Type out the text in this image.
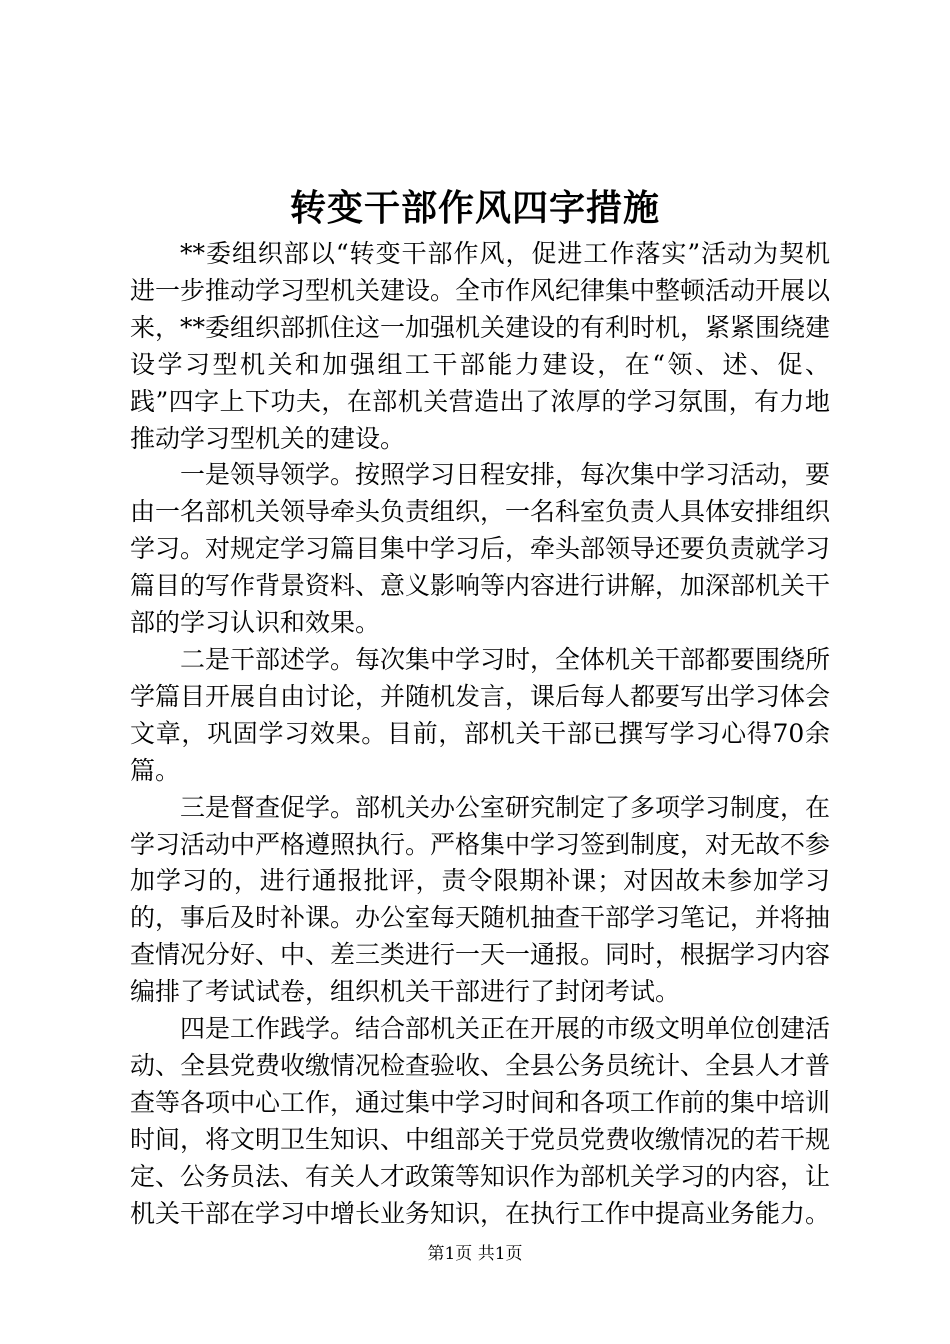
转变干部作风四字措施

**委组织部以“转变干部作风，促进工作落实”活动为契机进一步推动学习型机关建设。全市作风纪律集中整顿活动开展以来，**委组织部抓住这一加强机关建设的有利时机，紧紧围绕建设学习型机关和加强组工干部能力建设，在“领、述、促、践”四字上下功夫，在部机关营造出了浓厚的学习氛围，有力地推动学习型机关的建设。

一是领导领学。按照学习日程安排，每次集中学习活动，要由一名部机关领导牵头负责组织，一名科室负责人具体安排组织学习。对规定学习篇目集中学习后，牵头部领导还要负责就学习篇目的写作背景资料、意义影响等内容进行讲解，加深部机关干部的学习认识和效果。

二是干部述学。每次集中学习时，全体机关干部都要围绕所学篇目开展自由讨论，并随机发言，课后每人都要写出学习体会文章，巩固学习效果。目前，部机关干部已撰写学习心得70余篇。

三是督查促学。部机关办公室研究制定了多项学习制度，在学习活动中严格遵照执行。严格集中学习签到制度，对无故不参加学习的，进行通报批评，责令限期补课；对因故未参加学习的，事后及时补课。办公室每天随机抽查干部学习笔记，并将抽查情况分好、中、差三类进行一天一通报。同时，根据学习内容编排了考试试卷，组织机关干部进行了封闭考试。

四是工作践学。结合部机关正在开展的市级文明单位创建活动、全县党费收缴情况检查验收、全县公务员统计、全县人才普查等各项中心工作，通过集中学习时间和各项工作前的集中培训时间，将文明卫生知识、中组部关于党员党费收缴情况的若干规定、公务员法、有关人才政策等知识作为部机关学习的内容，让机关干部在学习中增长业务知识，在执行工作中提高业务能力。

第1页 共1页
